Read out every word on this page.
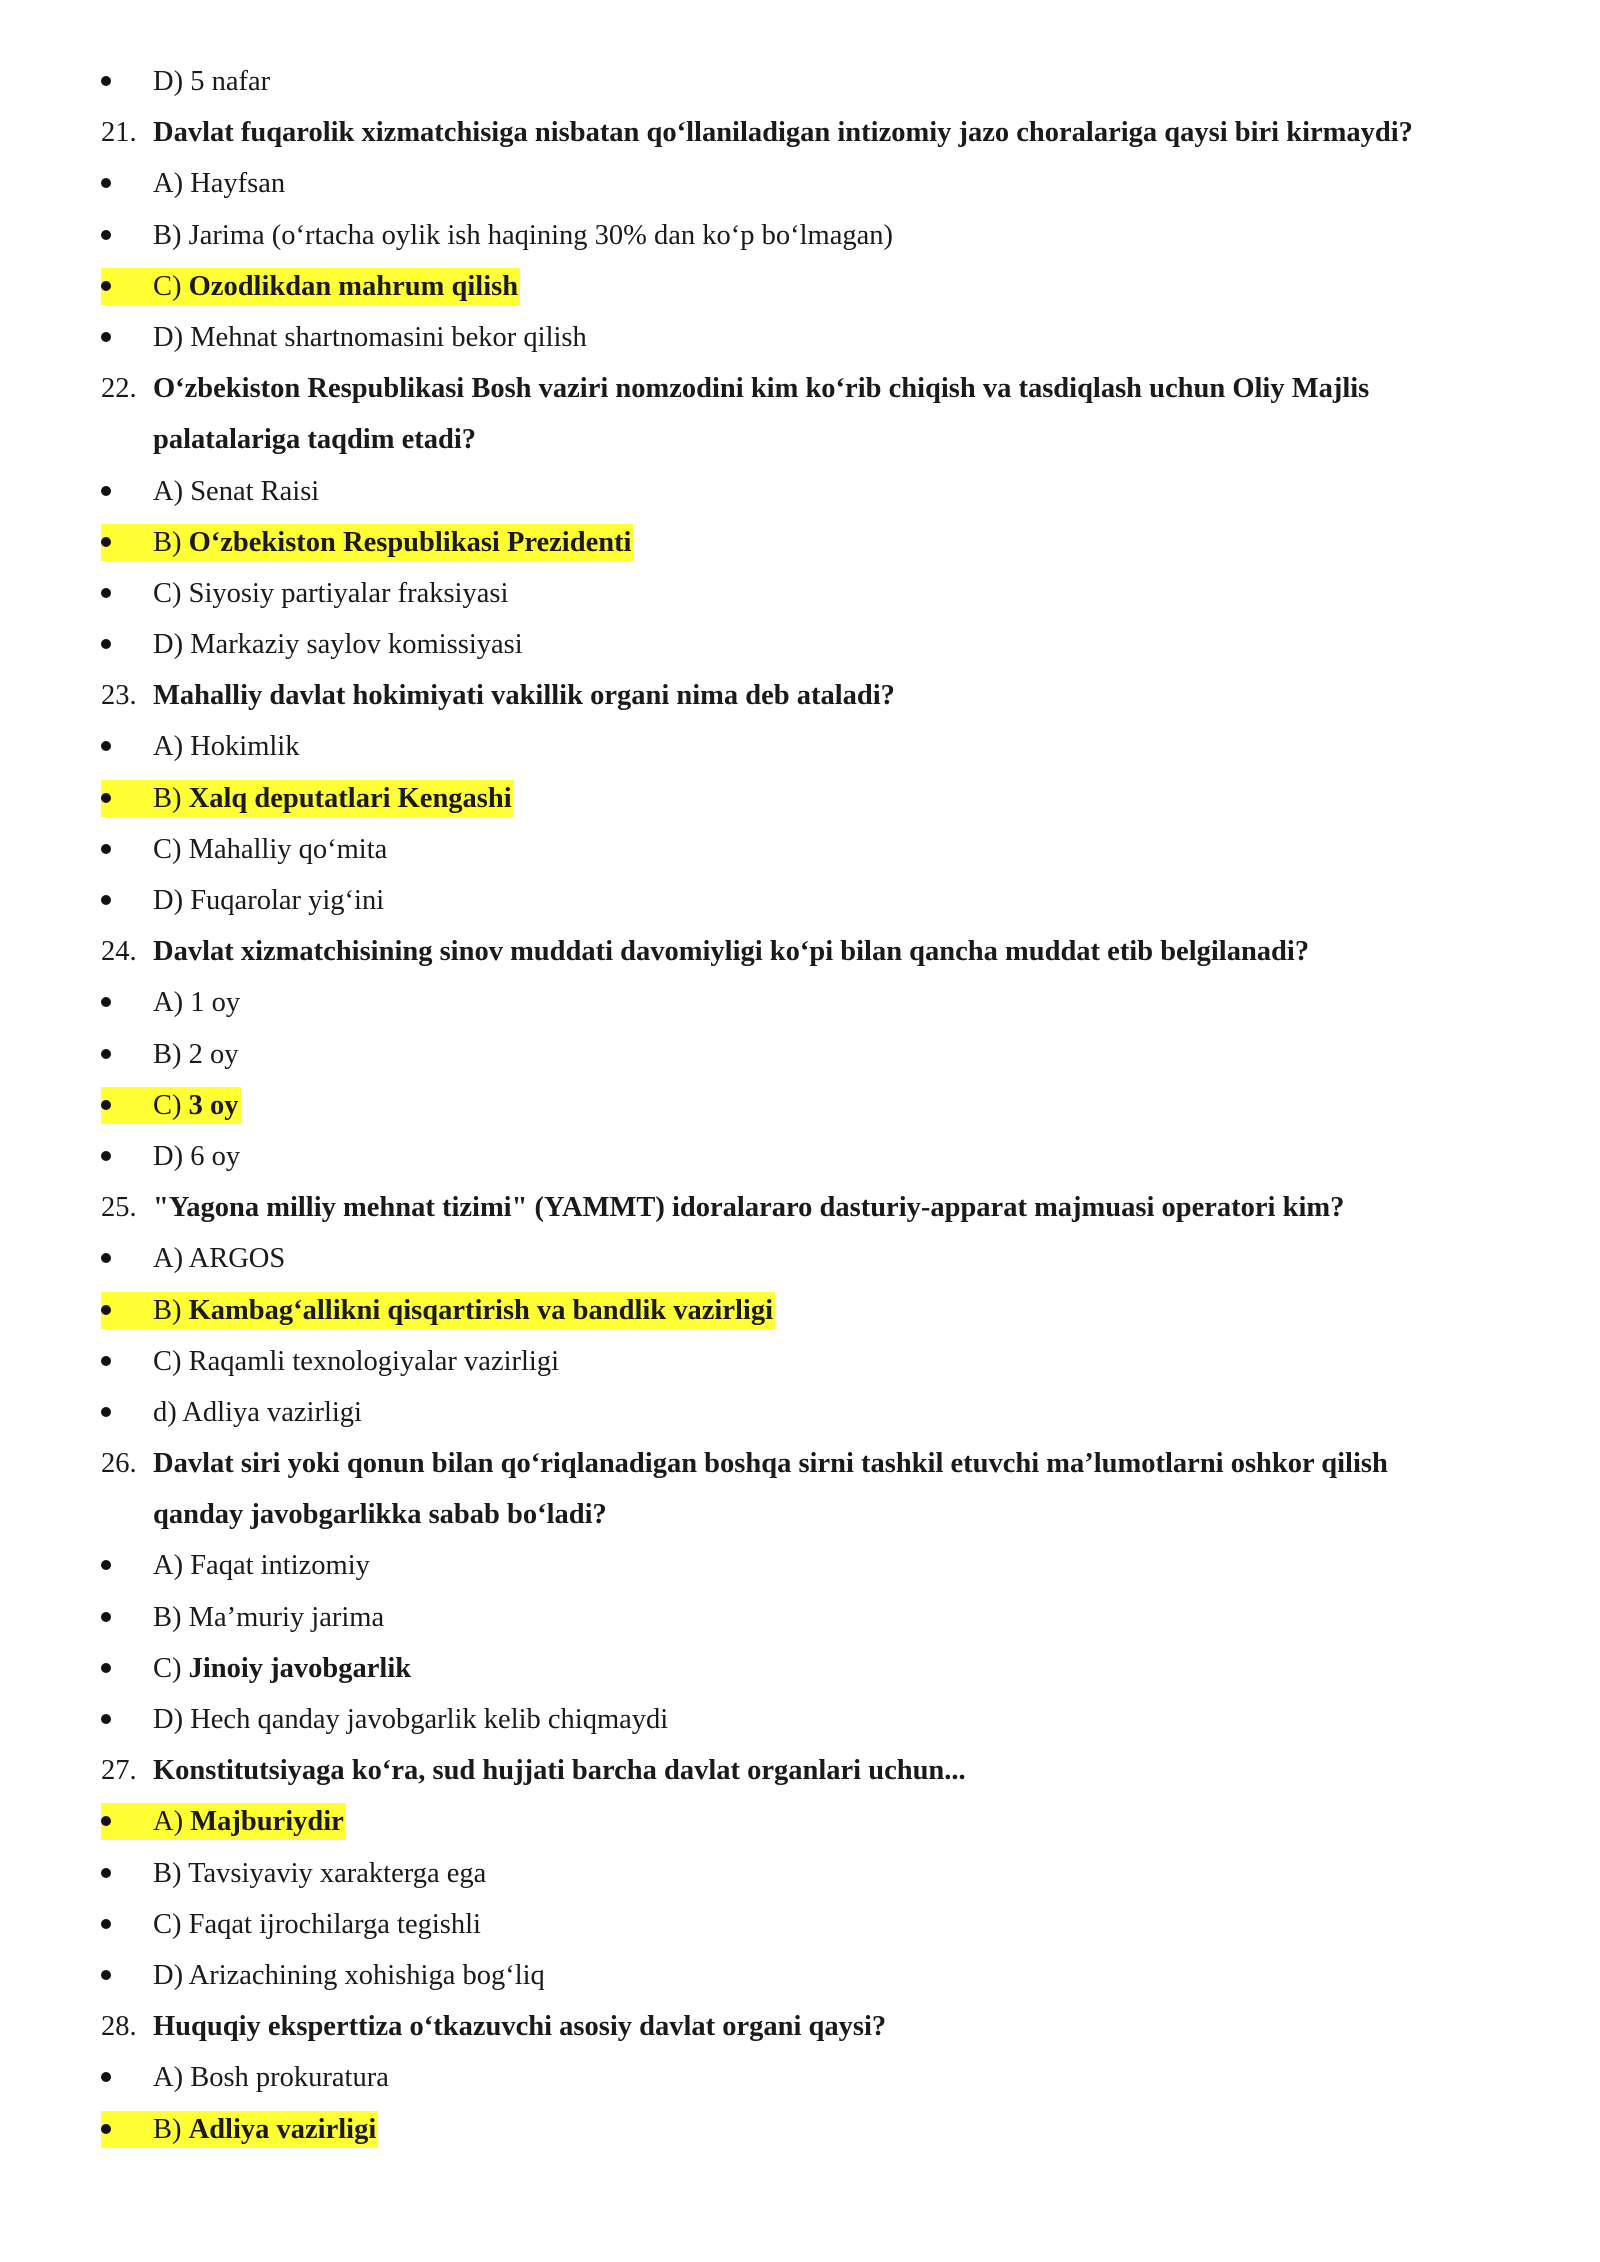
D) 5 nafar
21. Davlat fuqarolik xizmatchisiga nisbatan qo‘llaniladigan intizomiy jazo choralariga qaysi biri kirmaydi?
A) Hayfsan
B) Jarima (o‘rtacha oylik ish haqining 30% dan ko‘p bo‘lmagan)
C) Ozodlikdan mahrum qilish
D) Mehnat shartnomasini bekor qilish
22. O‘zbekiston Respublikasi Bosh vaziri nomzodini kim ko‘rib chiqish va tasdiqlash uchun Oliy Majlis
palatalariga taqdim etadi?
A) Senat Raisi
B) O‘zbekiston Respublikasi Prezidenti
C) Siyosiy partiyalar fraksiyasi
D) Markaziy saylov komissiyasi
23. Mahalliy davlat hokimiyati vakillik organi nima deb ataladi?
A) Hokimlik
B) Xalq deputatlari Kengashi
C) Mahalliy qo‘mita
D) Fuqarolar yig‘ini
24. Davlat xizmatchisining sinov muddati davomiyligi ko‘pi bilan qancha muddat etib belgilanadi?
A) 1 oy
B) 2 oy
C) 3 oy
D) 6 oy
25. "Yagona milliy mehnat tizimi" (YAMMT) idoralararo dasturiy-apparat majmuasi operatori kim?
A) ARGOS
B) Kambag‘allikni qisqartirish va bandlik vazirligi
C) Raqamli texnologiyalar vazirligi
d) Adliya vazirligi
26. Davlat siri yoki qonun bilan qo‘riqlanadigan boshqa sirni tashkil etuvchi ma’lumotlarni oshkor qilish
qanday javobgarlikka sabab bo‘ladi?
A) Faqat intizomiy
B) Ma’muriy jarima
C) Jinoiy javobgarlik
D) Hech qanday javobgarlik kelib chiqmaydi
27. Konstitutsiyaga ko‘ra, sud hujjati barcha davlat organlari uchun...
A) Majburiydir
B) Tavsiyaviy xarakterga ega
C) Faqat ijrochilarga tegishli
D) Arizachining xohishiga bog‘liq
28. Huquqiy eksperttiza o‘tkazuvchi asosiy davlat organi qaysi?
A) Bosh prokuratura
B) Adliya vazirligi
